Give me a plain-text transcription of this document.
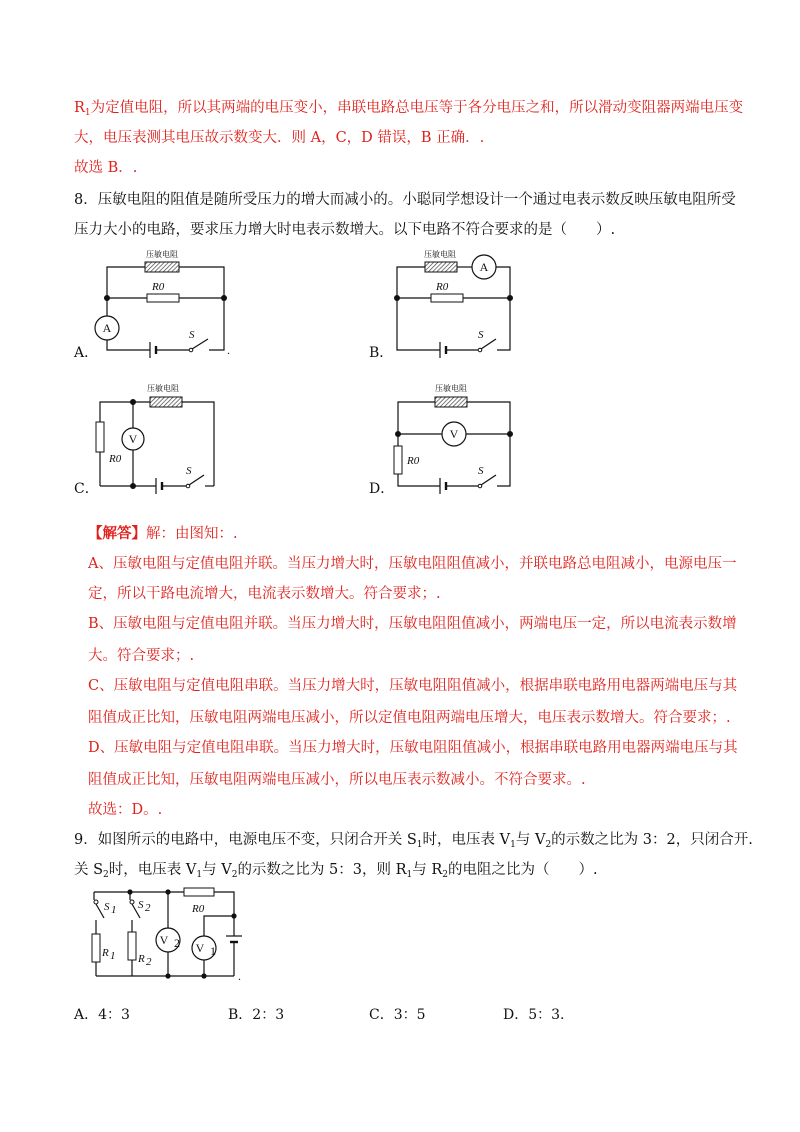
$R_1$为定值电阻，所以其两端的电压变小，串联电路总电压等于各分电压之和，所以滑动变阻器两端电压变
大，电压表测其电压故示数变大．则 A，C，D 错误，B 正确．.
故选 B．.
8．压敏电阻的阻值是随所受压力的增大而减小的。小聪同学想设计一个通过电表示数反映压敏电阻所受
压力大小的电路，要求压力增大时电表示数增大。以下电路不符合要求的是（　　）.
压敏电阻
R0
A	S
.
A．
压敏电阻
A
R0
S
B．
压敏电阻
R0
V
S
C．
压敏电阻
V
R0
S
D．
【解答】解：由图知：.
A、压敏电阻与定值电阻并联。当压力增大时，压敏电阻阻值减小，并联电路总电阻减小，电源电压一
定，所以干路电流增大，电流表示数增大。符合要求；.
B、压敏电阻与定值电阻并联。当压力增大时，压敏电阻阻值减小，两端电压一定，所以电流表示数增
大。符合要求；.
C、压敏电阻与定值电阻串联。当压力增大时，压敏电阻阻值减小，根据串联电路用电器两端电压与其
阻值成正比知，压敏电阻两端电压减小，所以定值电阻两端电压增大，电压表示数增大。符合要求；.
D、压敏电阻与定值电阻串联。当压力增大时，压敏电阻阻值减小，根据串联电路用电器两端电压与其
阻值成正比知，压敏电阻两端电压减小，所以电压表示数减小。不符合要求。.
故选：D。.
9．如图所示的电路中，电源电压不变，只闭合开关 $S_1$时，电压表 $V_1$与 $V_2$的示数之比为 3：2，只闭合开.
关 $S_2$时，电压表 $V_1$与 $V_2$的示数之比为 5：3，则 $R_1$与 $R_2$的电阻之比为（　　）.
R0
S 1
R 1
S 2
R 2
V 2 V 1
.
A．4：3	B．2：3	C．3：5	D．5：3.
